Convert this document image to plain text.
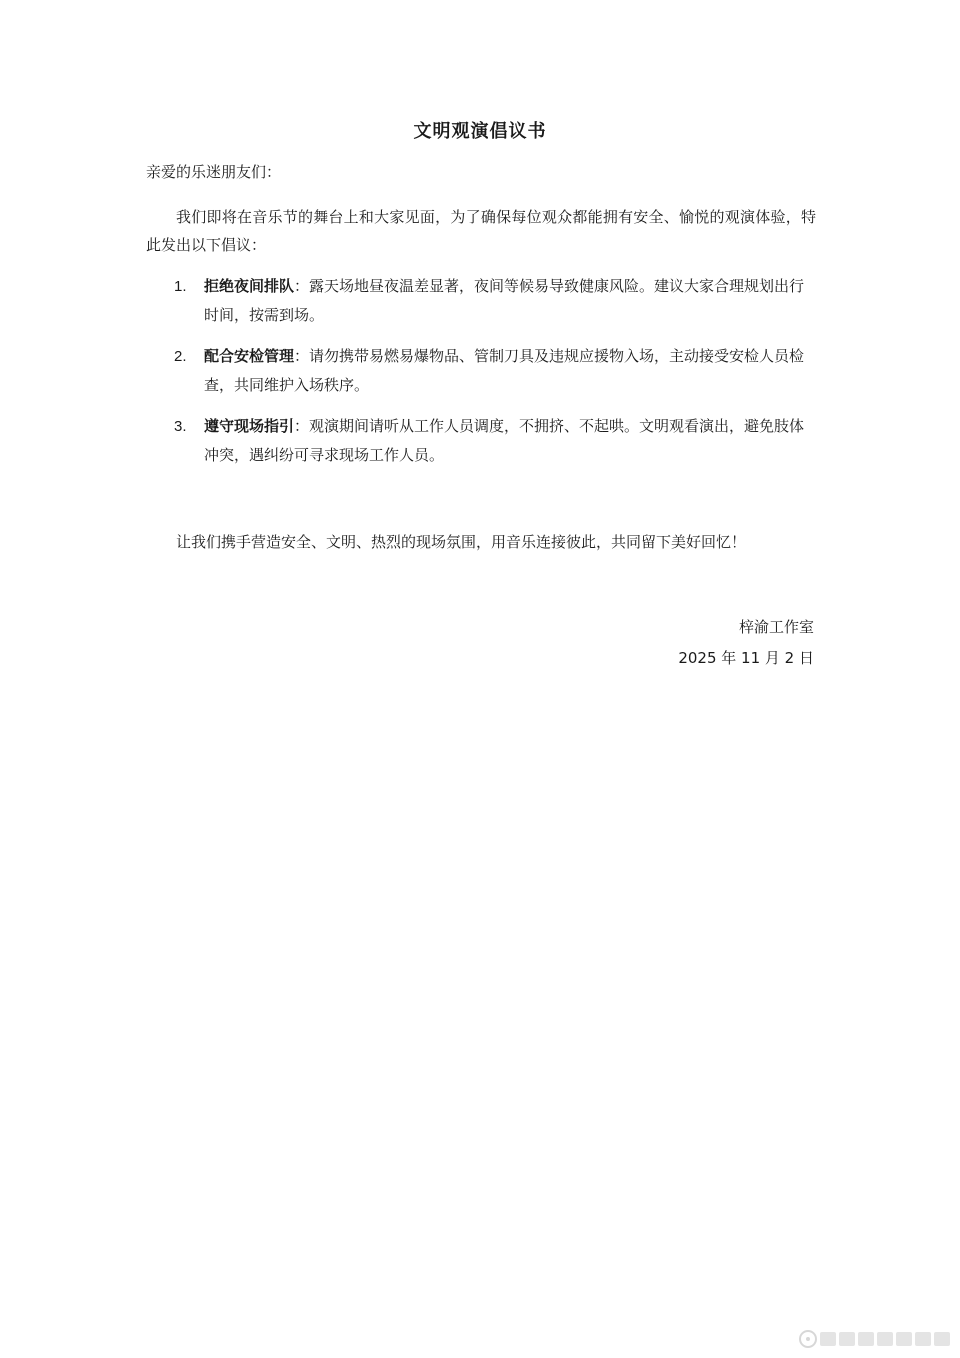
文明观演倡议书
亲爱的乐迷朋友们：
我们即将在音乐节的舞台上和大家见面，为了确保每位观众都能拥有安全、愉悦的观演体验，特此发出以下倡议：
1. 拒绝夜间排队：露天场地昼夜温差显著，夜间等候易导致健康风险。建议大家合理规划出行时间，按需到场。
2. 配合安检管理：请勿携带易燃易爆物品、管制刀具及违规应援物入场，主动接受安检人员检查，共同维护入场秩序。
3. 遵守现场指引：观演期间请听从工作人员调度，不拥挤、不起哄。文明观看演出，避免肢体冲突，遇纠纷可寻求现场工作人员。
让我们携手营造安全、文明、热烈的现场氛围，用音乐连接彼此，共同留下美好回忆！
梓渝工作室
2025 年 11 月 2 日
